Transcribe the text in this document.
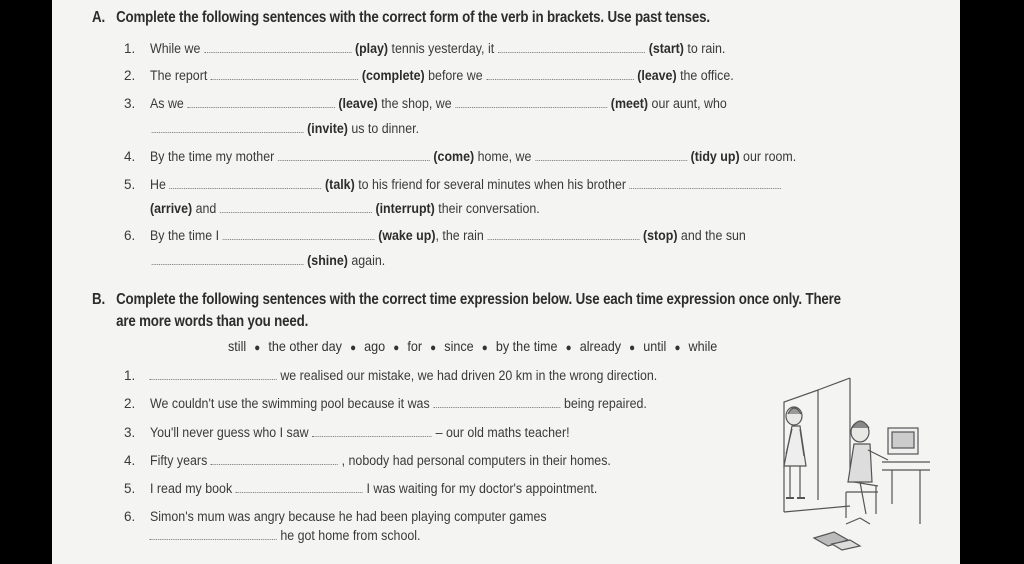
A. Complete the following sentences with the correct form of the verb in brackets. Use past tenses.
1. While we	(play) tennis yesterday, it	(start) to rain.
2. The report	(complete) before we	(leave) the office.
3. As we	(leave) the shop, we	(meet) our aunt, who
(invite) us to dinner.
4. By the time my mother	(come) home, we	(tidy up) our room.
5. He	(talk) to his friend for several minutes when his brother
(arrive) and	(interrupt) their conversation.
6. By the time I	(wake up), the rain	(stop) and the sun
(shine) again.
B. Complete the following sentences with the correct time expression below. Use each time expression once only. There
are more words than you need.
still ● the other day ● ago ● for ● since ● by the time ● already ● until ● while
1.	we realised our mistake, we had driven 20 km in the wrong direction.
2. We couldn't use the swimming pool because it was	being repaired.
3. You'll never guess who I saw	– our old maths teacher!
4. Fifty years	, nobody had personal computers in their homes.
5. I read my book	I was waiting for my doctor's appointment.
6. Simon's mum was angry because he had been playing computer games
he got home from school.
